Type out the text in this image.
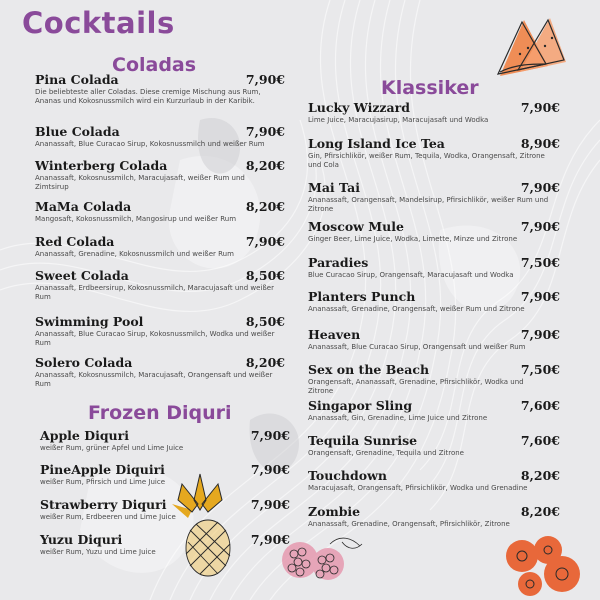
Cocktails
Coladas
Pina Colada	7,90€
Die beliebteste aller Coladas. Diese cremige Mischung aus Rum, Ananas und Kokosnussmilch wird ein Kurzurlaub in der Karibik.
Blue Colada	7,90€
Ananassaft, Blue Curacao Sirup, Kokosnussmilch und weißer Rum
Winterberg Colada	8,20€
Ananassaft, Kokosnussmilch, Maracujasaft, weißer Rum und Zimtsirup
MaMa Colada	8,20€
Mangosaft, Kokosnussmilch, Mangosirup und weißer Rum
Red Colada	7,90€
Ananassaft, Grenadine, Kokosnussmilch und weißer Rum
Sweet Colada	8,50€
Ananassaft, Erdbeersirup, Kokosnussmilch, Maracujasaft und weißer Rum
Swimming Pool	8,50€
Ananassaft, Blue Curacao Sirup, Kokosnussmilch, Wodka und weißer Rum
Solero Colada	8,20€
Ananassaft, Kokosnussmilch, Maracujasaft, Orangensaft und weißer Rum
Frozen Diquri
Apple Diquri	7,90€
weißer Rum, grüner Apfel und Lime Juice
PineApple Diquiri	7,90€
weißer Rum, Pfirsich und Lime Juice
Strawberry Diquri	7,90€
weißer Rum, Erdbeeren und Lime Juice
Yuzu Diquri	7,90€
weißer Rum, Yuzu und Lime Juice
Klassiker
Lucky Wizzard	7,90€
Lime Juice, Maracujasirup, Maracujasaft und Wodka
Long Island Ice Tea	8,90€
Gin, Pfirsichlikör, weißer Rum, Tequila, Wodka, Orangensaft, Zitrone und Cola
Mai Tai	7,90€
Ananassaft, Orangensaft, Mandelsirup, Pfirsichlikör, weißer Rum und Zitrone
Moscow Mule	7,90€
Ginger Beer, Lime Juice, Wodka, Limette, Minze und Zitrone
Paradies	7,50€
Blue Curacao Sirup, Orangensaft, Maracujasaft und Wodka
Planters Punch	7,90€
Ananassaft, Grenadine, Orangensaft, weißer Rum und Zitrone
Heaven	7,90€
Ananassaft, Blue Curacao Sirup, Orangensaft und weißer Rum
Sex on the Beach	7,50€
Orangensaft, Ananassaft, Grenadine, Pfirsichlikör, Wodka und Zitrone
Singapor Sling	7,60€
Ananassaft, Gin, Grenadine, Lime Juice und Zitrone
Tequila Sunrise	7,60€
Orangensaft, Grenadine, Tequila und Zitrone
Touchdown	8,20€
Maracujasaft, Orangensaft, Pfirsichlikör, Wodka und Grenadine
Zombie	8,20€
Ananassaft, Grenadine, Orangensaft, Pfirsichlikör, Zitrone
